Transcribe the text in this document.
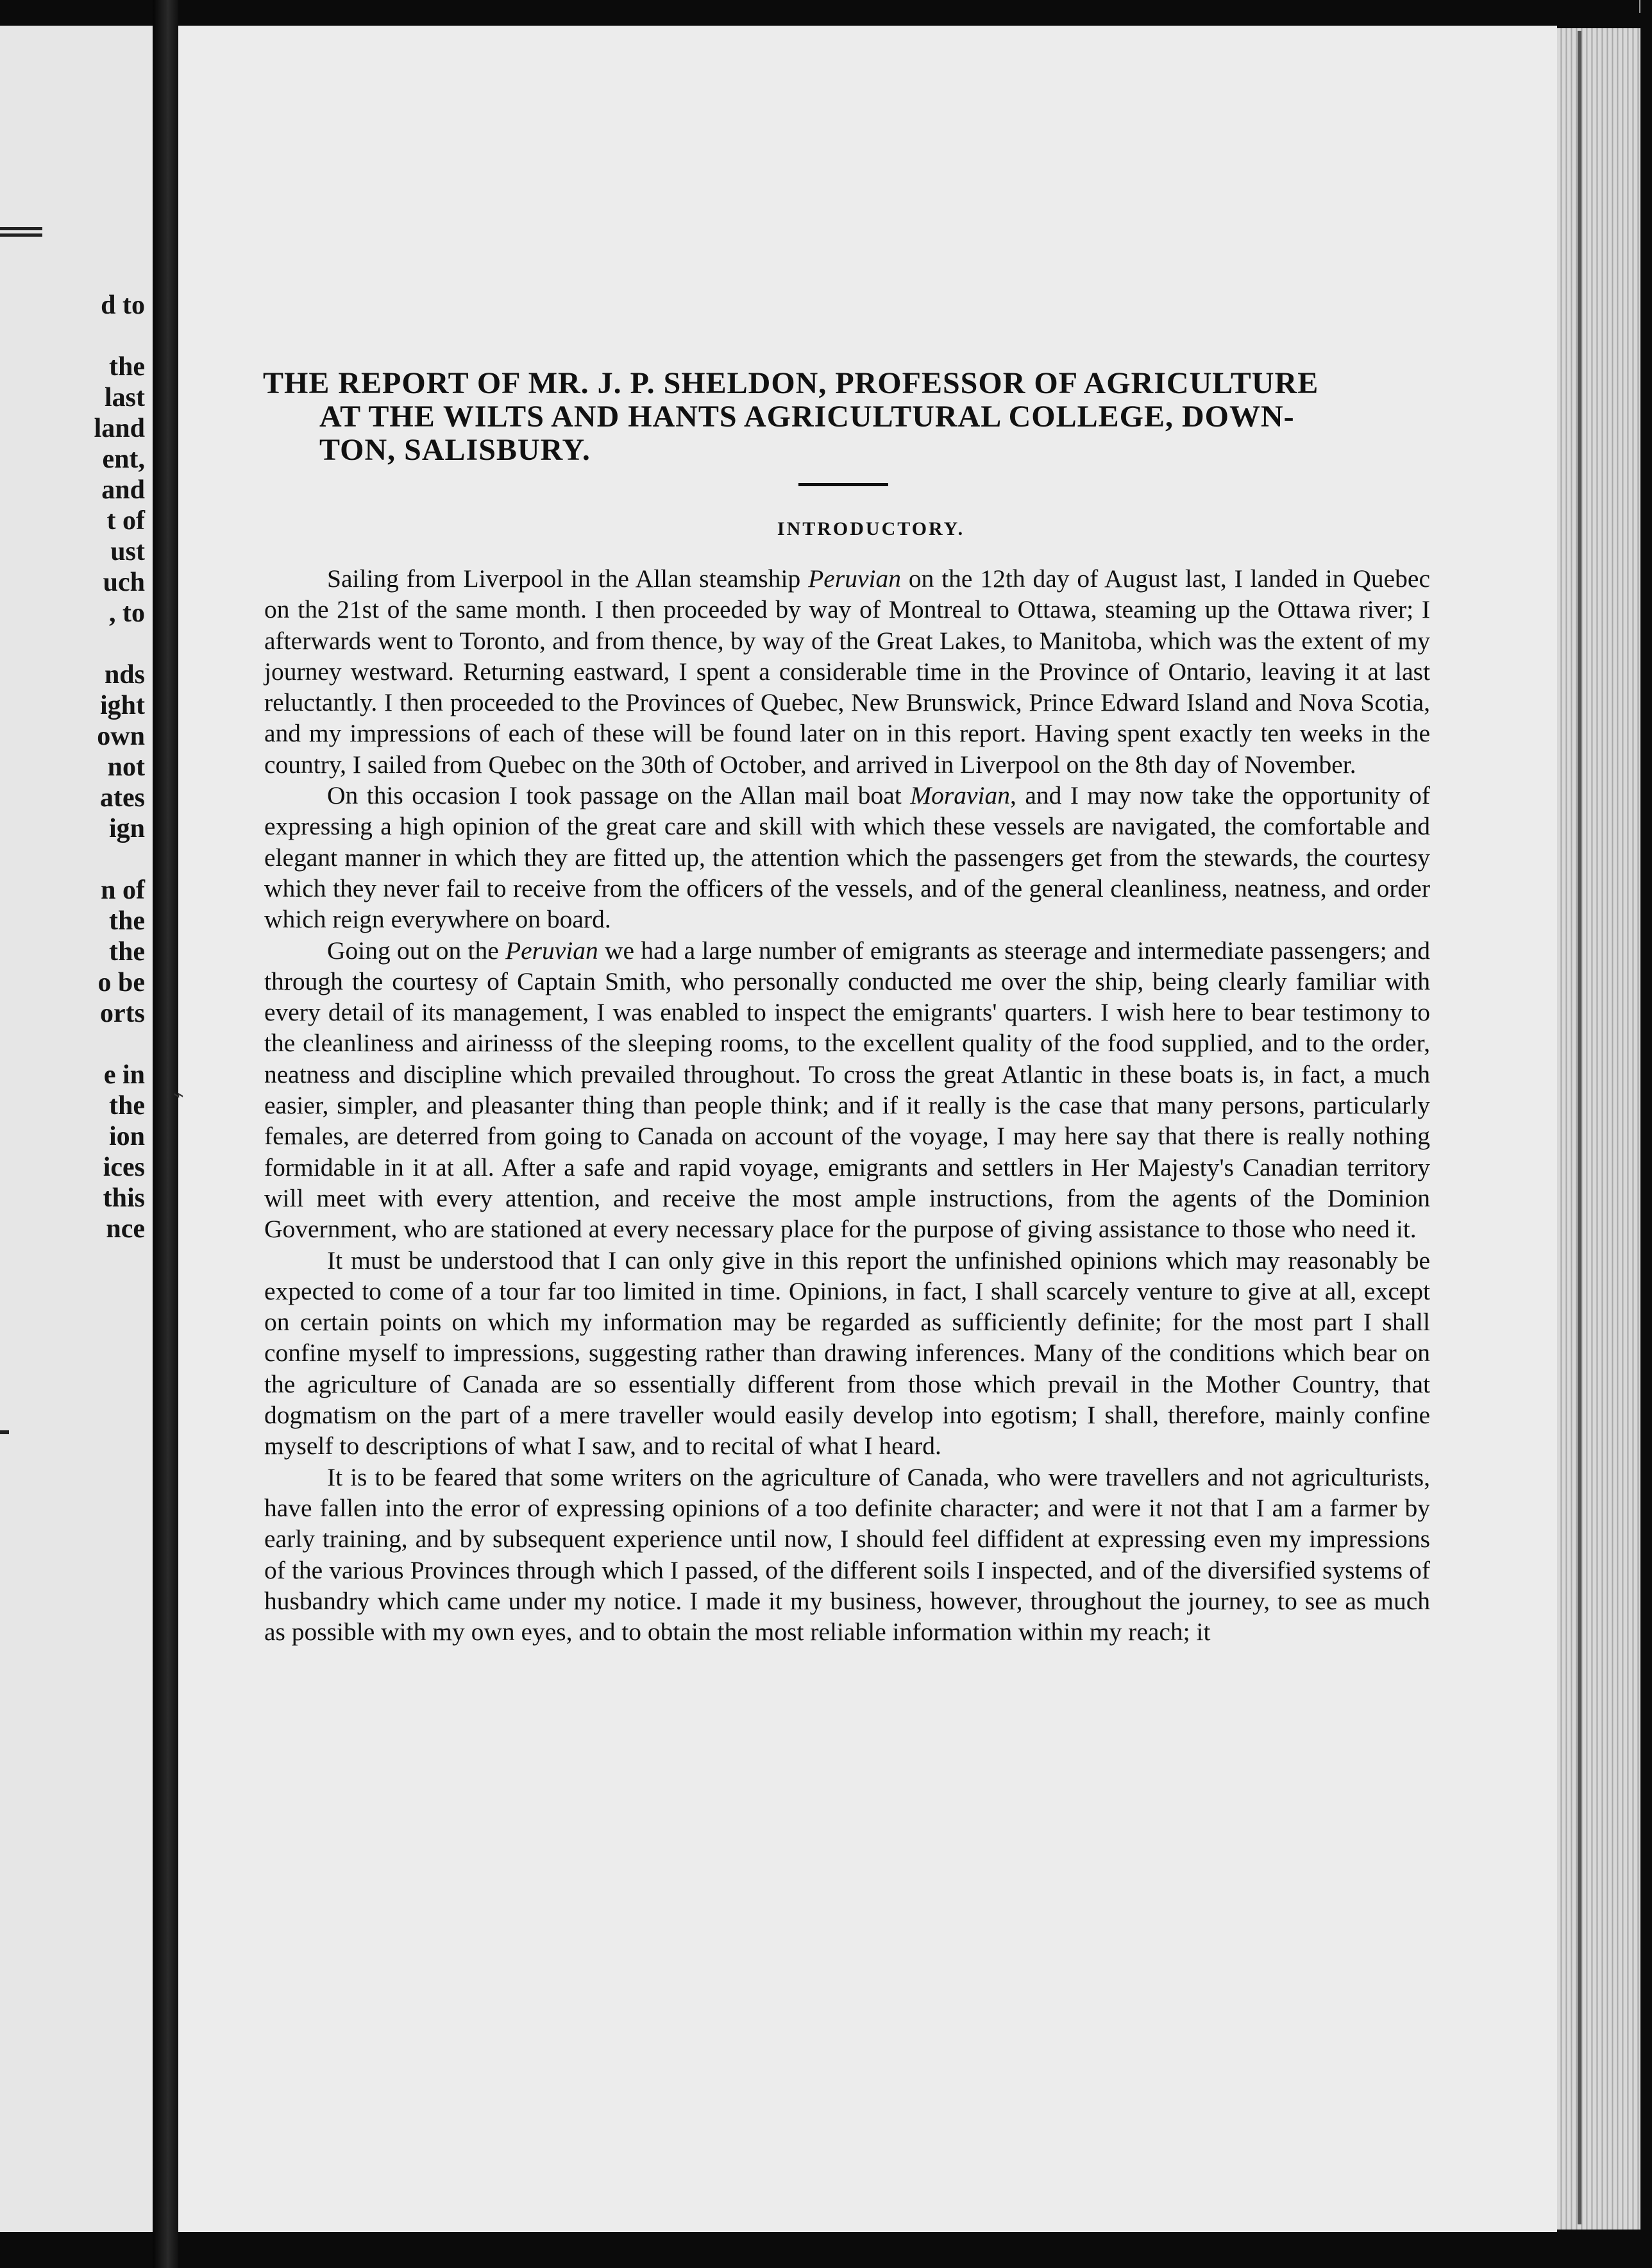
d to
the
last
land
ent,
and
t of
ust
uch
, to
nds
ight
own
not
ates
ign
n of
the
the
o be
orts
e in
the
ion
ices
this
nce
THE REPORT OF MR. J. P. SHELDON, PROFESSOR OF AGRICULTURE
AT THE WILTS AND HANTS AGRICULTURAL COLLEGE, DOWN-
TON, SALISBURY.
INTRODUCTORY.

Sailing from Liverpool in the Allan steamship Peruvian on the 12th day of August last, I landed in Quebec on the 21st of the same month. I then proceeded by way of Montreal to Ottawa, steaming up the Ottawa river; I afterwards went to Toronto, and from thence, by way of the Great Lakes, to Manitoba, which was the extent of my journey westward. Returning eastward, I spent a considerable time in the Province of Ontario, leaving it at last reluctantly. I then proceeded to the Provinces of Quebec, New Brunswick, Prince Edward Island and Nova Scotia, and my impressions of each of these will be found later on in this report. Having spent exactly ten weeks in the country, I sailed from Quebec on the 30th of October, and arrived in Liverpool on the 8th day of November.

On this occasion I took passage on the Allan mail boat Moravian, and I may now take the opportunity of expressing a high opinion of the great care and skill with which these vessels are navigated, the comfortable and elegant manner in which they are fitted up, the attention which the passengers get from the stewards, the courtesy which they never fail to receive from the officers of the vessels, and of the general cleanliness, neatness, and order which reign everywhere on board.

Going out on the Peruvian we had a large number of emigrants as steerage and intermediate passengers; and through the courtesy of Captain Smith, who personally conducted me over the ship, being clearly familiar with every detail of its management, I was enabled to inspect the emigrants' quarters. I wish here to bear testimony to the cleanliness and airinesss of the sleeping rooms, to the excellent quality of the food supplied, and to the order, neatness and discipline which prevailed throughout. To cross the great Atlantic in these boats is, in fact, a much easier, simpler, and pleasanter thing than people think; and if it really is the case that many persons, particularly females, are deterred from going to Canada on account of the voyage, I may here say that there is really nothing formidable in it at all. After a safe and rapid voyage, emigrants and settlers in Her Majesty's Canadian territory will meet with every attention, and receive the most ample instructions, from the agents of the Dominion Government, who are stationed at every necessary place for the purpose of giving assistance to those who need it.

It must be understood that I can only give in this report the unfinished opinions which may reasonably be expected to come of a tour far too limited in time. Opinions, in fact, I shall scarcely venture to give at all, except on certain points on which my information may be regarded as sufficiently definite; for the most part I shall confine myself to impressions, suggesting rather than drawing inferences. Many of the conditions which bear on the agriculture of Canada are so essentially different from those which prevail in the Mother Country, that dogmatism on the part of a mere traveller would easily develop into egotism; I shall, therefore, mainly confine myself to descriptions of what I saw, and to recital of what I heard.

It is to be feared that some writers on the agriculture of Canada, who were travellers and not agriculturists, have fallen into the error of expressing opinions of a too definite character; and were it not that I am a farmer by early training, and by subsequent experience until now, I should feel diffident at expressing even my impressions of the various Provinces through which I passed, of the different soils I inspected, and of the diversified systems of husbandry which came under my notice. I made it my business, however, throughout the journey, to see as much as possible with my own eyes, and to obtain the most reliable information within my reach; it

⌁
